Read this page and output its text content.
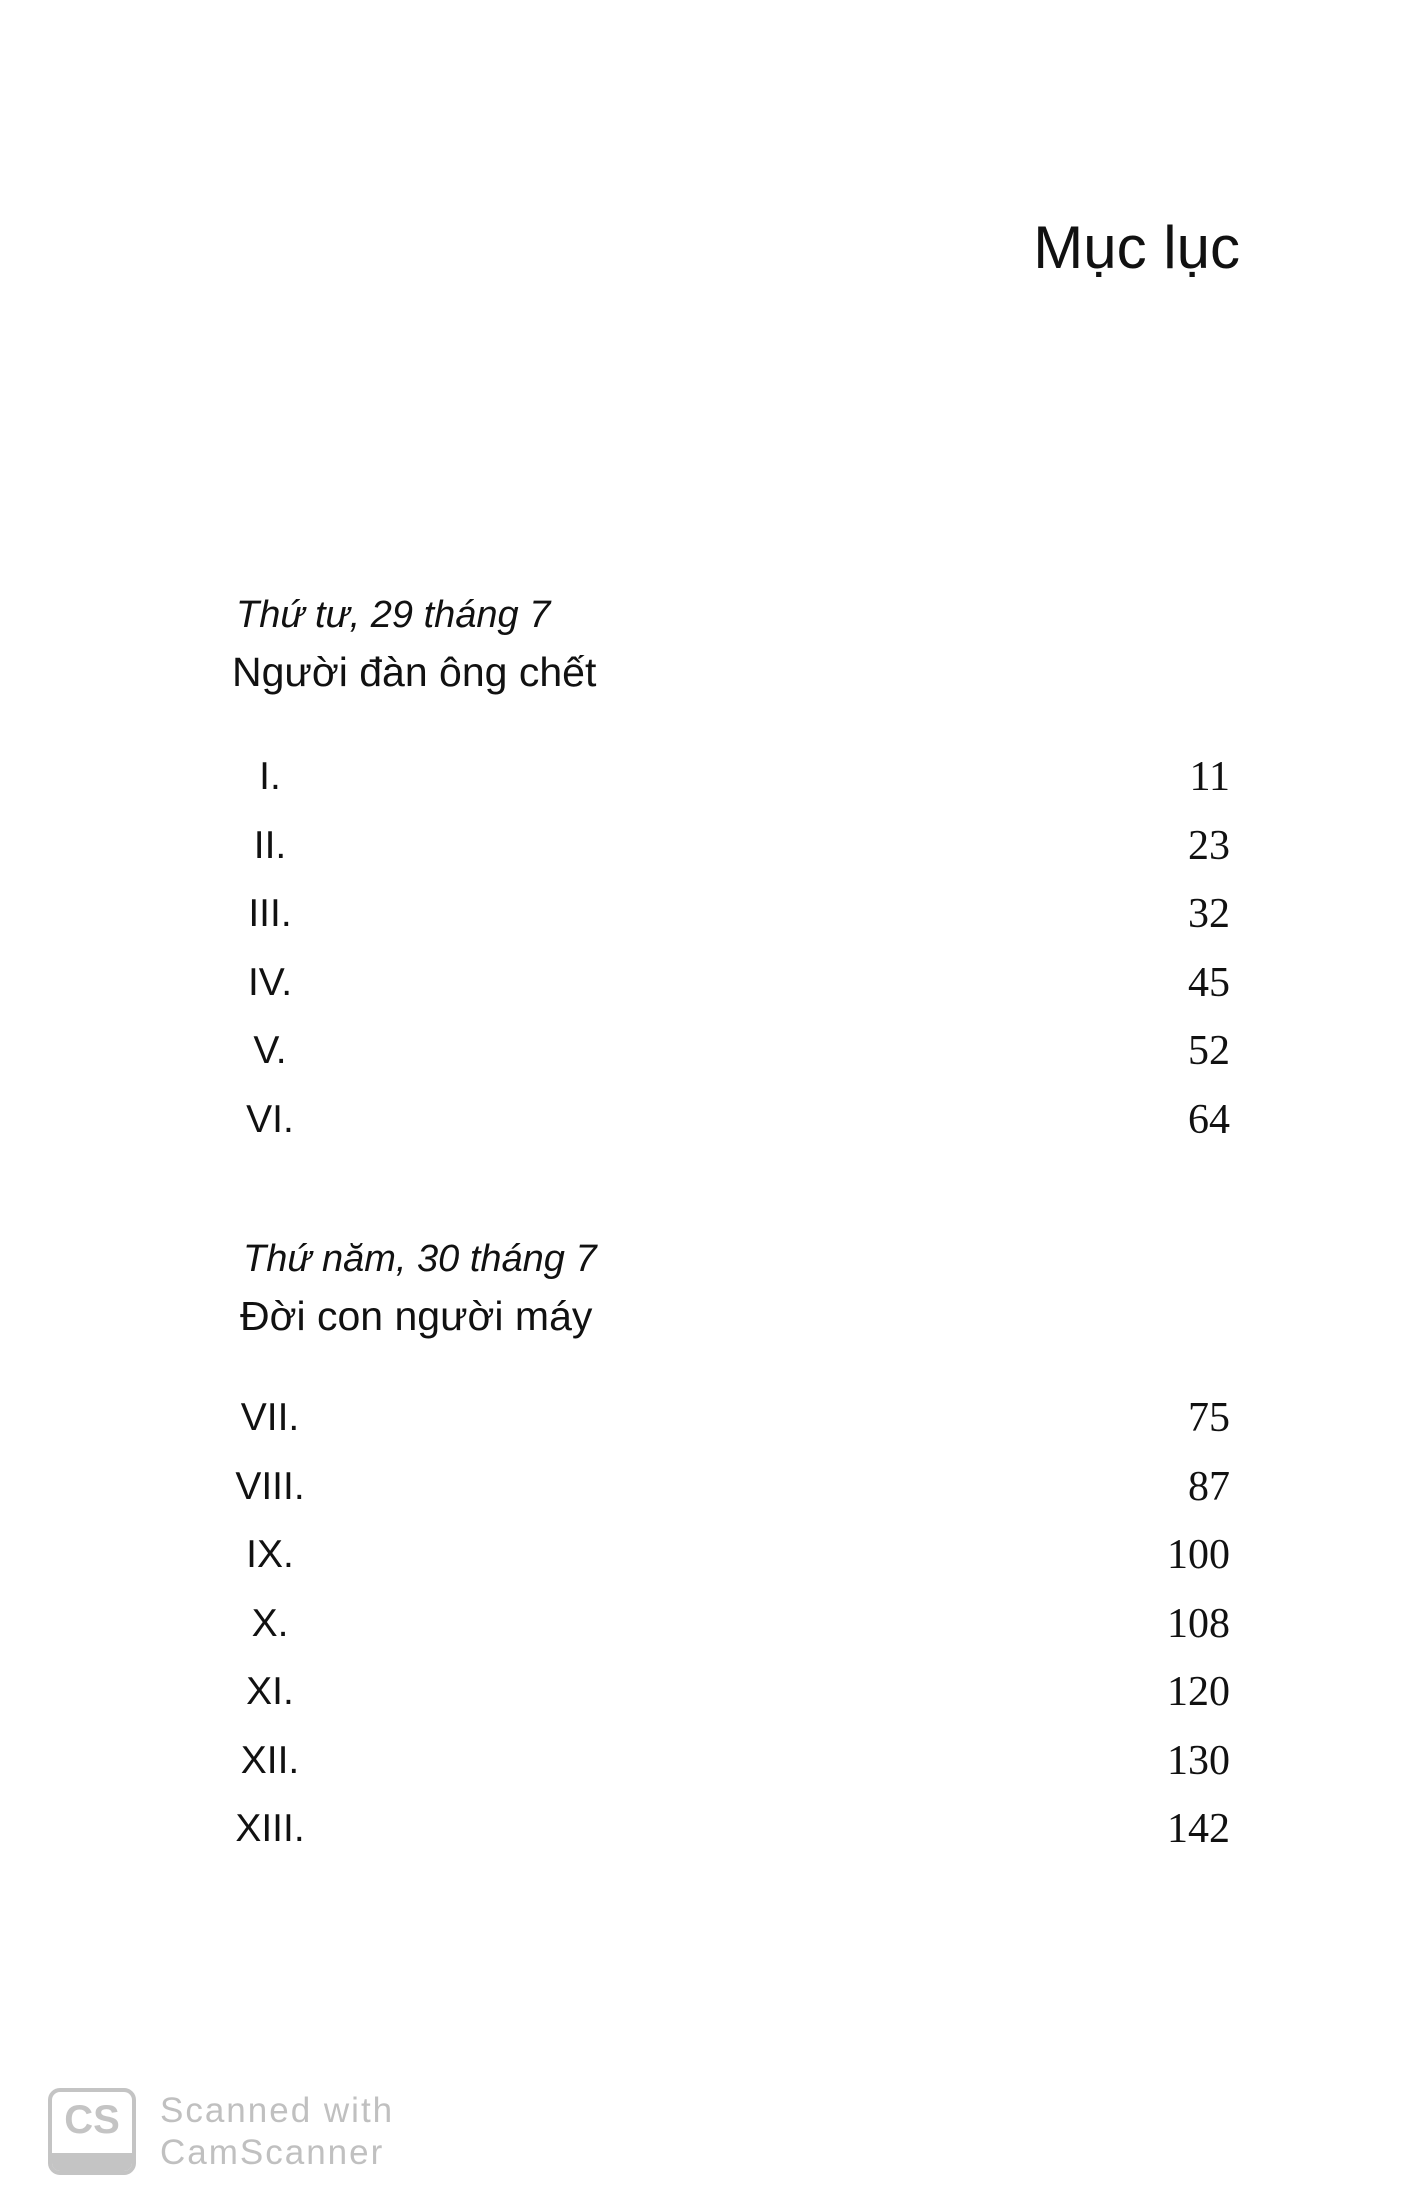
Mục lục
Thứ tư, 29 tháng 7
Người đàn ông chết
I.	11
II.	23
III.	32
IV.	45
V.	52
VI.	64
Thứ năm, 30 tháng 7
Đời con người máy
VII.	75
VIII.	87
IX.	100
X.	108
XI.	120
XII.	130
XIII.	142
CS	Scanned with
CamScanner
